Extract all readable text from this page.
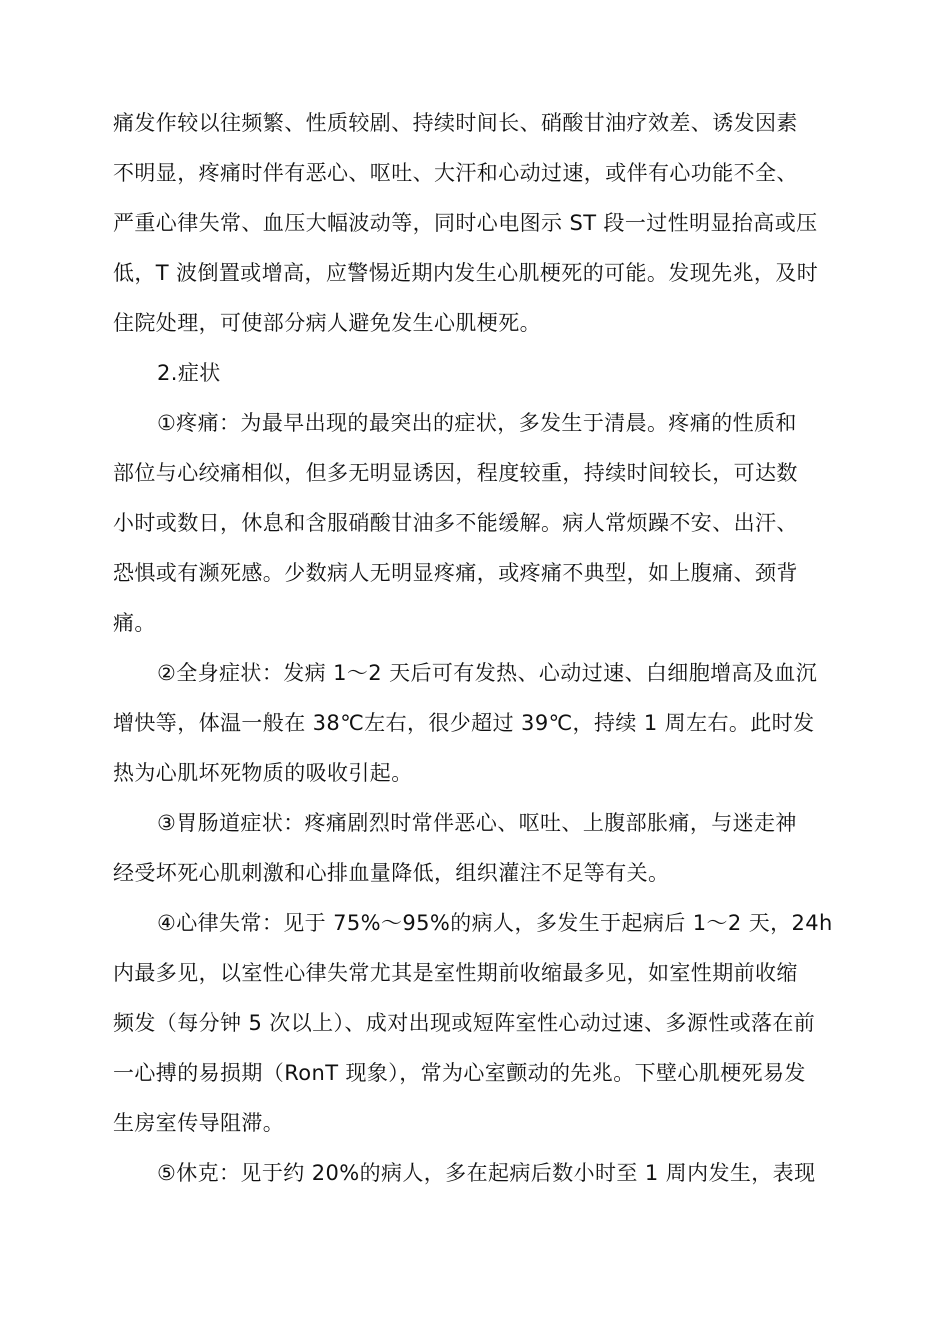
痛发作较以往频繁、性质较剧、持续时间长、硝酸甘油疗效差、诱发因素
不明显，疼痛时伴有恶心、呕吐、大汗和心动过速，或伴有心功能不全、
严重心律失常、血压大幅波动等，同时心电图示 ST 段一过性明显抬高或压
低，T 波倒置或增高，应警惕近期内发生心肌梗死的可能。发现先兆，及时
住院处理，可使部分病人避免发生心肌梗死。
2.症状
①疼痛：为最早出现的最突出的症状，多发生于清晨。疼痛的性质和
部位与心绞痛相似，但多无明显诱因，程度较重，持续时间较长，可达数
小时或数日，休息和含服硝酸甘油多不能缓解。病人常烦躁不安、出汗、
恐惧或有濒死感。少数病人无明显疼痛，或疼痛不典型，如上腹痛、颈背
痛。
②全身症状：发病 1～2 天后可有发热、心动过速、白细胞增高及血沉
增快等，体温一般在 38℃左右，很少超过 39℃，持续 1 周左右。此时发
热为心肌坏死物质的吸收引起。
③胃肠道症状：疼痛剧烈时常伴恶心、呕吐、上腹部胀痛，与迷走神
经受坏死心肌刺激和心排血量降低，组织灌注不足等有关。
④心律失常：见于 75%～95%的病人，多发生于起病后 1～2 天，24h
内最多见，以室性心律失常尤其是室性期前收缩最多见，如室性期前收缩
频发（每分钟 5 次以上）、成对出现或短阵室性心动过速、多源性或落在前
一心搏的易损期（RonT 现象），常为心室颤动的先兆。下壁心肌梗死易发
生房室传导阻滞。
⑤休克：见于约 20%的病人，多在起病后数小时至 1 周内发生，表现
